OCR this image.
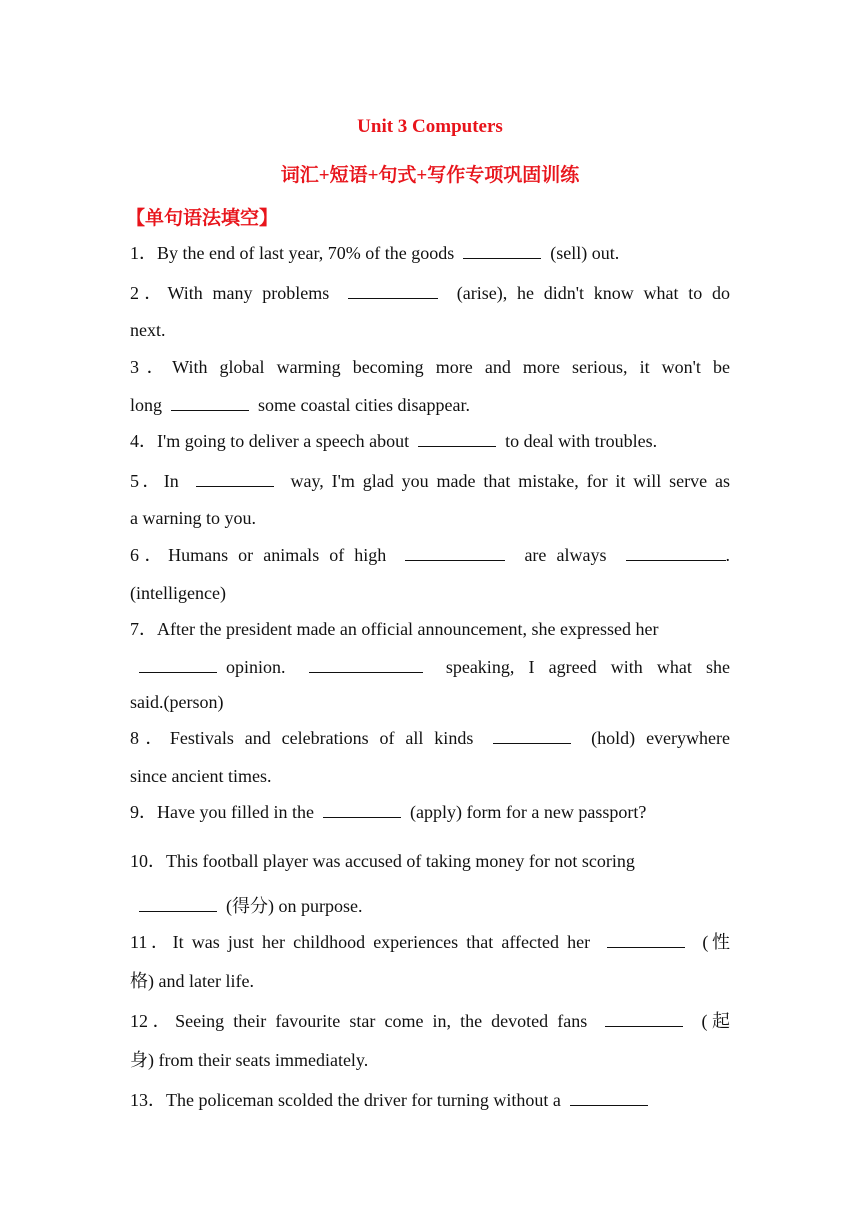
Unit 3 Computers
词汇+短语+句式+写作专项巩固训练
【单句语法填空】
1．By the end of last year, 70% of the goods	(sell) out.
2．With many problems	(arise), he didn't know what to do
next.
3．With global warming becoming more and more serious, it won't be
long	some coastal cities disappear.
4．I'm going to deliver a speech about	to deal with troubles.
5．In	way, I'm glad you made that mistake, for it will serve as
a warning to you.
6．Humans or animals of high	are always	.
(intelligence)
7．After the president made an official announcement, she expressed her
opinion.	speaking, I agreed with what she
said.(person)
8．Festivals and celebrations of all kinds	(hold) everywhere
since ancient times.
9．Have you filled in the	(apply) form for a new passport?
10．This football player was accused of taking money for not scoring
(得分) on purpose.
11．It was just her childhood experiences that affected her	(性
格) and later life.
12．Seeing their favourite star come in, the devoted fans	(起
身) from their seats immediately.
13．The policeman scolded the driver for turning without a
